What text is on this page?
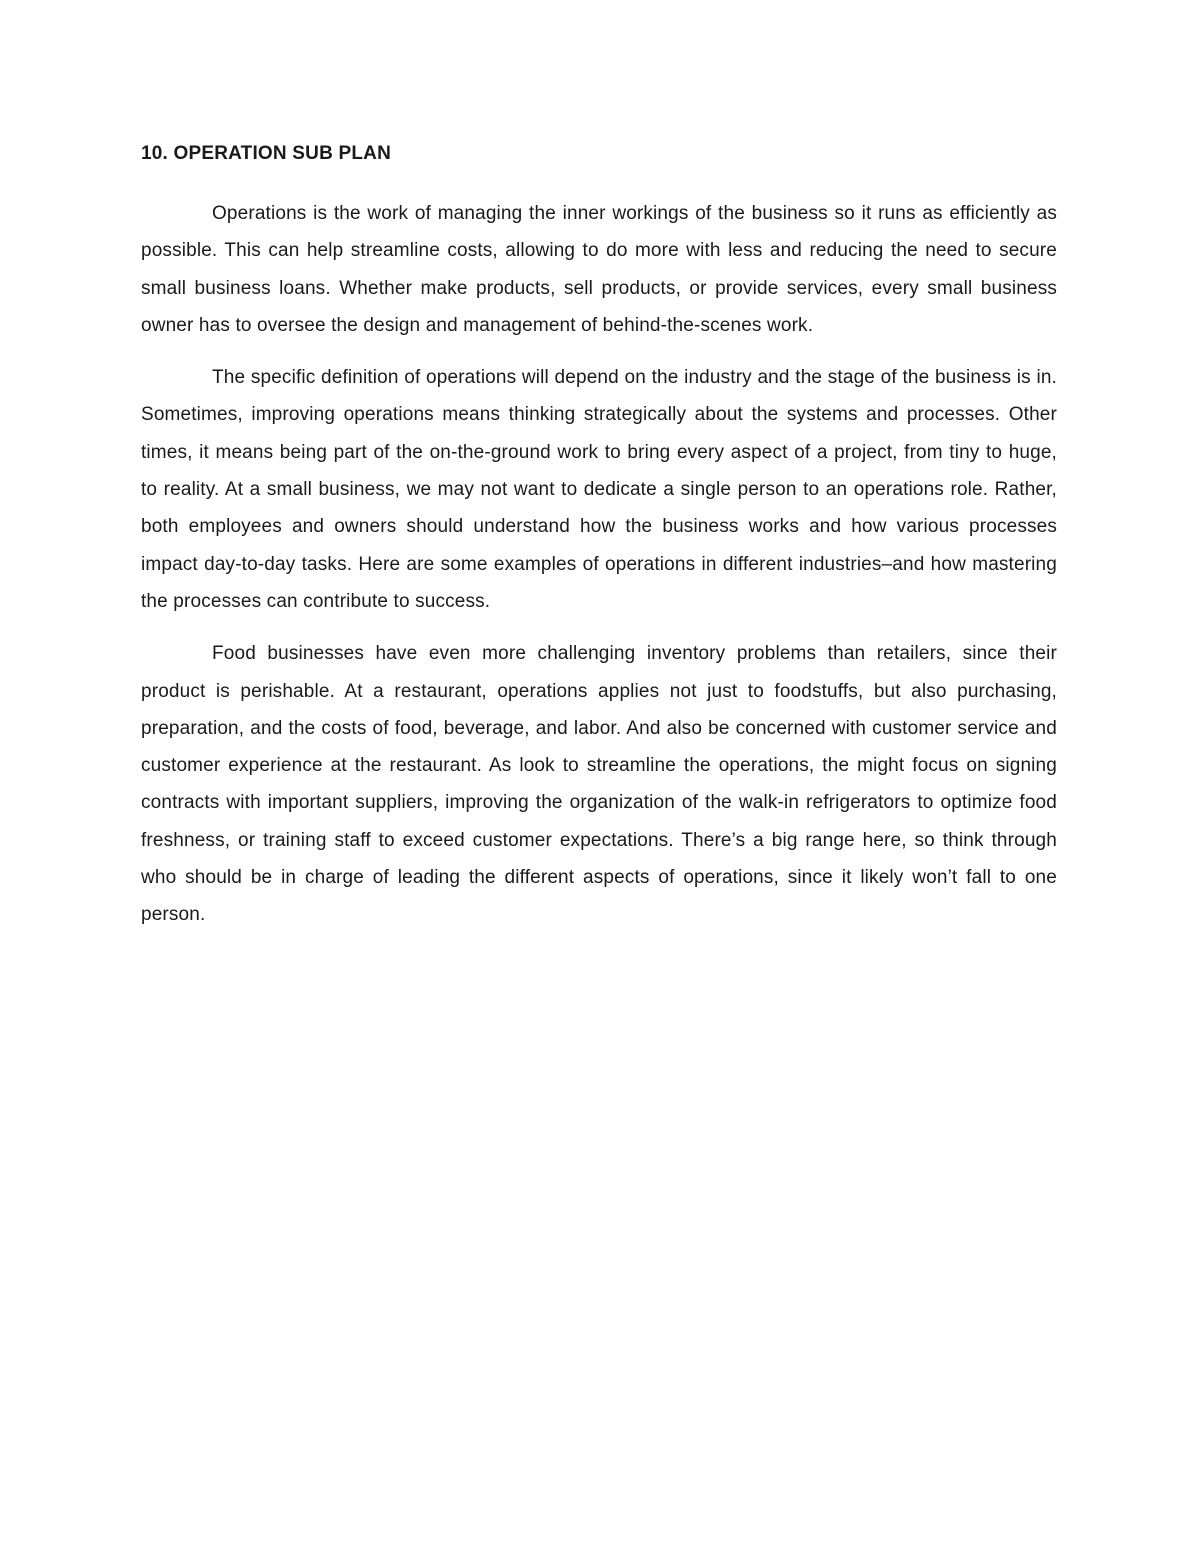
10. OPERATION SUB PLAN

Operations is the work of managing the inner workings of the business so it runs as efficiently as possible. This can help streamline costs, allowing to do more with less and reducing the need to secure small business loans. Whether make products, sell products, or provide services, every small business owner has to oversee the design and management of behind-the-scenes work.

The specific definition of operations will depend on the industry and the stage of the business is in. Sometimes, improving operations means thinking strategically about the systems and processes. Other times, it means being part of the on-the-ground work to bring every aspect of a project, from tiny to huge, to reality. At a small business, we may not want to dedicate a single person to an operations role. Rather, both employees and owners should understand how the business works and how various processes impact day-to-day tasks. Here are some examples of operations in different industries–and how mastering the processes can contribute to success.

Food businesses have even more challenging inventory problems than retailers, since their product is perishable. At a restaurant, operations applies not just to foodstuffs, but also purchasing, preparation, and the costs of food, beverage, and labor. And also be concerned with customer service and customer experience at the restaurant. As look to streamline the operations, the might focus on signing contracts with important suppliers, improving the organization of the walk-in refrigerators to optimize food freshness, or training staff to exceed customer expectations. There’s a big range here, so think through who should be in charge of leading the different aspects of operations, since it likely won’t fall to one person.
